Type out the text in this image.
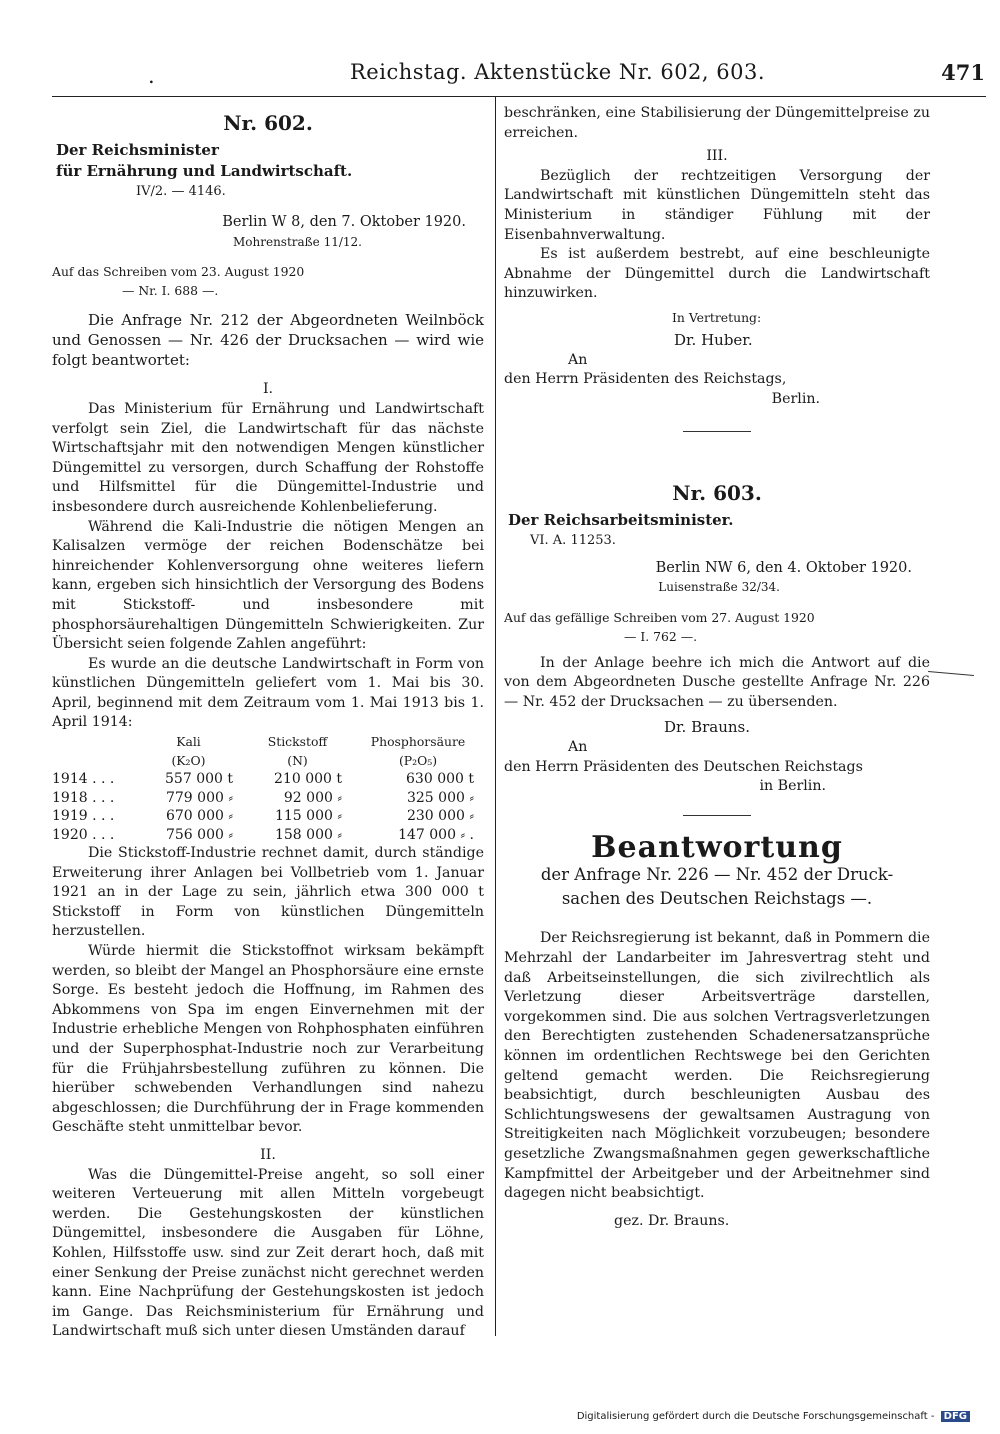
.	Reichstag. Aktenstücke Nr. 602, 603.	471
Nr. 602.
Der Reichsminister
für Ernährung und Landwirtschaft.
IV/2. — 4146.
Berlin W 8, den 7. Oktober 1920.
Mohrenstraße 11/12.
Auf das Schreiben vom 23. August 1920
— Nr. I. 688 —.

Die Anfrage Nr. 212 der Abgeordneten Weilnböck und Genossen — Nr. 426 der Drucksachen — wird wie folgt beantwortet:

I.

Das Ministerium für Ernährung und Landwirtschaft verfolgt sein Ziel, die Landwirtschaft für das nächste Wirtschaftsjahr mit den notwendigen Mengen künstlicher Düngemittel zu versorgen, durch Schaffung der Rohstoffe und Hilfsmittel für die Düngemittel-Industrie und insbesondere durch ausreichende Kohlenbelieferung.

Während die Kali-Industrie die nötigen Mengen an Kalisalzen vermöge der reichen Bodenschätze bei hinreichender Kohlenversorgung ohne weiteres liefern kann, ergeben sich hinsichtlich der Versorgung des Bodens mit Stickstoff- und insbesondere mit phosphorsäurehaltigen Düngemitteln Schwierigkeiten. Zur Übersicht seien folgende Zahlen angeführt:

Es wurde an die deutsche Landwirtschaft in Form von künstlichen Düngemitteln geliefert vom 1. Mai bis 30. April, beginnend mit dem Zeitraum vom 1. Mai 1913 bis 1. April 1914:

	Kali	Stickstoff	Phosphorsäure
	(K₂O)	(N)	(P₂O₅)
1914 . . .	557 000 t	210 000 t	630 000 t
1918 . . .	779 000 ⸗	92 000 ⸗	325 000 ⸗
1919 . . .	670 000 ⸗	115 000 ⸗	230 000 ⸗
1920 . . .	756 000 ⸗	158 000 ⸗	147 000 ⸗ .

Die Stickstoff-Industrie rechnet damit, durch ständige Erweiterung ihrer Anlagen bei Vollbetrieb vom 1. Januar 1921 an in der Lage zu sein, jährlich etwa 300 000 t Stickstoff in Form von künstlichen Düngemitteln herzustellen.

Würde hiermit die Stickstoffnot wirksam bekämpft werden, so bleibt der Mangel an Phosphorsäure eine ernste Sorge. Es besteht jedoch die Hoffnung, im Rahmen des Abkommens von Spa im engen Einvernehmen mit der Industrie erhebliche Mengen von Rohphosphaten einführen und der Superphosphat-Industrie noch zur Verarbeitung für die Frühjahrsbestellung zuführen zu können. Die hierüber schwebenden Verhandlungen sind nahezu abgeschlossen; die Durchführung der in Frage kommenden Geschäfte steht unmittelbar bevor.

II.

Was die Düngemittel-Preise angeht, so soll einer weiteren Verteuerung mit allen Mitteln vorgebeugt werden. Die Gestehungskosten der künstlichen Düngemittel, insbesondere die Ausgaben für Löhne, Kohlen, Hilfsstoffe usw. sind zur Zeit derart hoch, daß mit einer Senkung der Preise zunächst nicht gerechnet werden kann. Eine Nachprüfung der Gestehungskosten ist jedoch im Gange. Das Reichsministerium für Ernährung und Landwirtschaft muß sich unter diesen Umständen darauf

beschränken, eine Stabilisierung der Düngemittelpreise zu erreichen.

III.

Bezüglich der rechtzeitigen Versorgung der Landwirtschaft mit künstlichen Düngemitteln steht das Ministerium in ständiger Fühlung mit der Eisenbahnverwaltung.

Es ist außerdem bestrebt, auf eine beschleunigte Abnahme der Düngemittel durch die Landwirtschaft hinzuwirken.

In Vertretung:
Dr. Huber.
An
den Herrn Präsidenten des Reichstags,
Berlin.
Nr. 603.
Der Reichsarbeitsminister.
VI. A. 11253.
Berlin NW 6, den 4. Oktober 1920.
Luisenstraße 32/34.
Auf das gefällige Schreiben vom 27. August 1920
— I. 762 —.

In der Anlage beehre ich mich die Antwort auf die von dem Abgeordneten Dusche gestellte Anfrage Nr. 226 — Nr. 452 der Drucksachen — zu übersenden.

Dr. Brauns.
An
den Herrn Präsidenten des Deutschen Reichstags
in Berlin.
Beantwortung
der Anfrage Nr. 226 — Nr. 452 der Druck-
sachen des Deutschen Reichstags —.

Der Reichsregierung ist bekannt, daß in Pommern die Mehrzahl der Landarbeiter im Jahresvertrag steht und daß Arbeitseinstellungen, die sich zivilrechtlich als Verletzung dieser Arbeitsverträge darstellen, vorgekommen sind. Die aus solchen Vertragsverletzungen den Berechtigten zustehenden Schadenersatzansprüche können im ordentlichen Rechtswege bei den Gerichten geltend gemacht werden. Die Reichsregierung beabsichtigt, durch beschleunigten Ausbau des Schlichtungswesens der gewaltsamen Austragung von Streitigkeiten nach Möglichkeit vorzubeugen; besondere gesetzliche Zwangsmaßnahmen gegen gewerkschaftliche Kampfmittel der Arbeitgeber und der Arbeitnehmer sind dagegen nicht beabsichtigt.

gez. Dr. Brauns.
Digitalisierung gefördert durch die Deutsche Forschungsgemeinschaft - DFG
